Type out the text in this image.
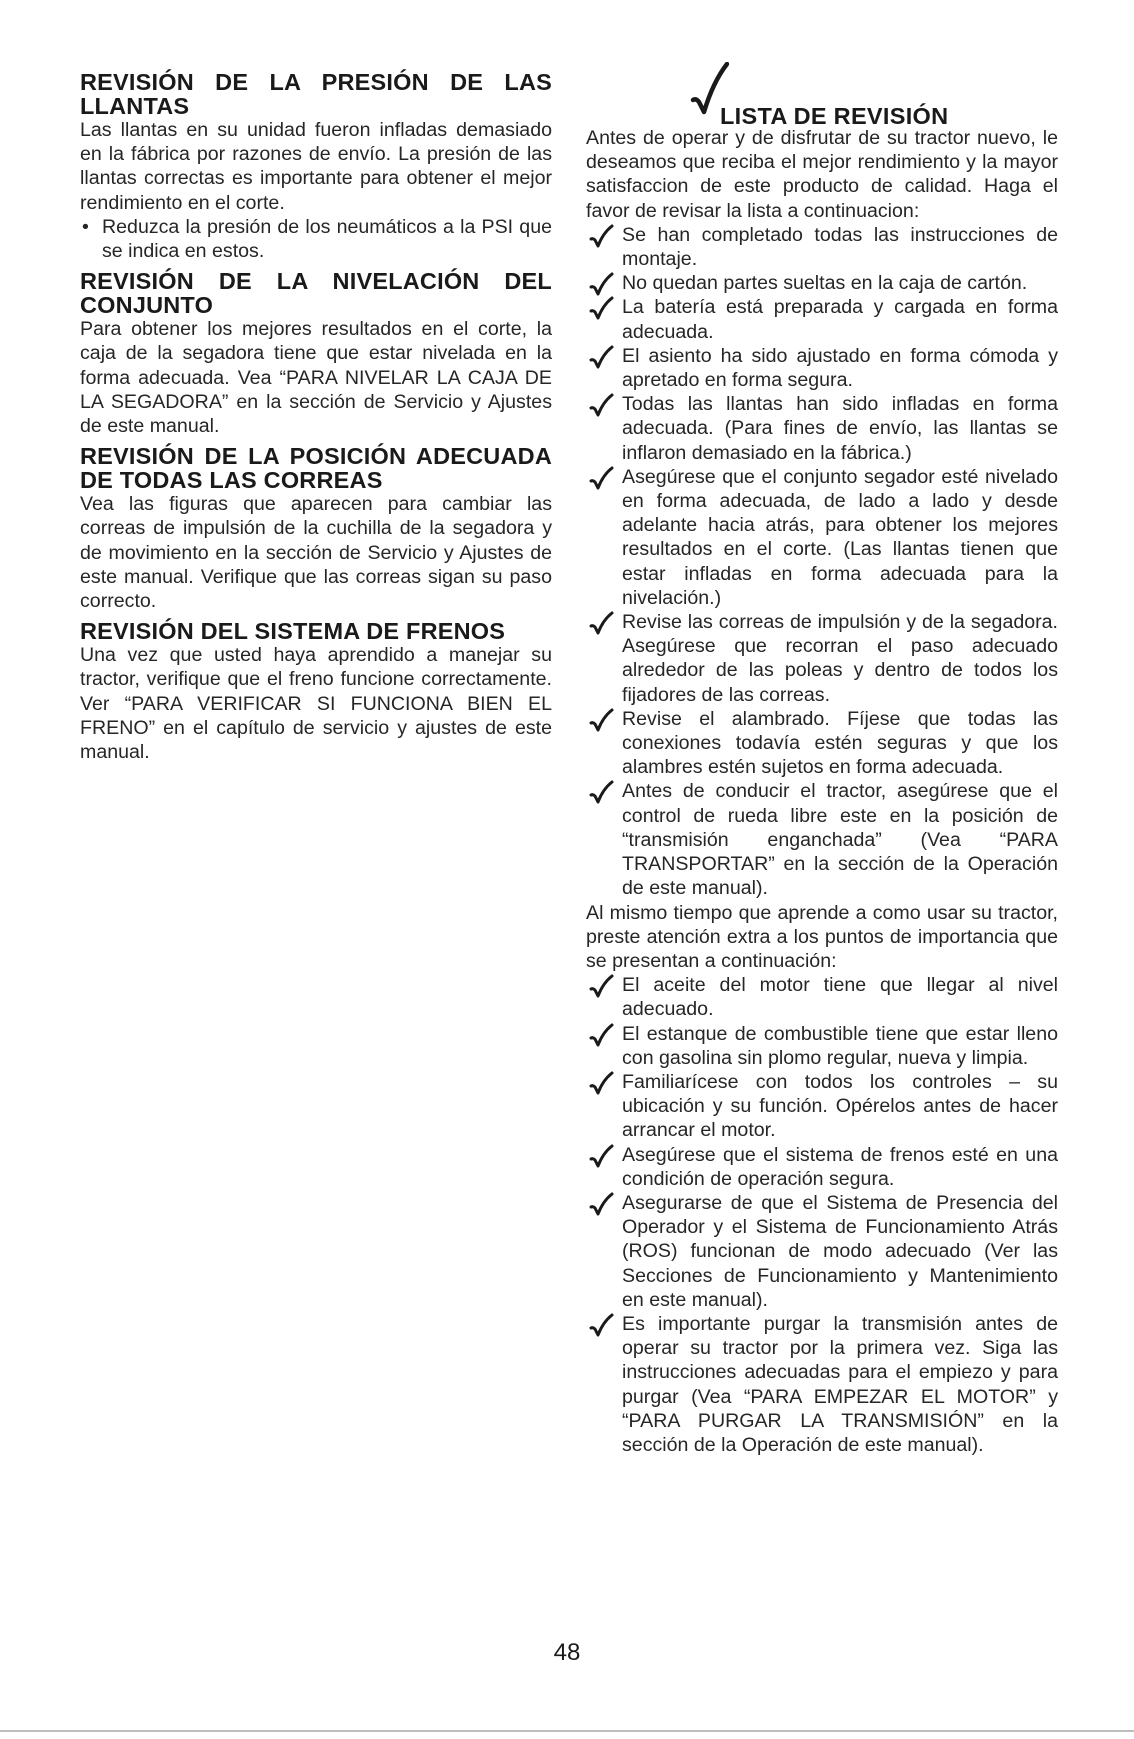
REVISIÓN DE LA PRESIÓN DE LAS LLANTAS

Las llantas en su unidad fueron infladas demasiado en la fábrica por razones de envío. La presión de las llantas correctas es importante para obtener el mejor rendimiento en el corte.

• Reduzca la presión de los neumáticos a la PSI que se indica en estos.

REVISIÓN DE LA NIVELACIÓN DEL CONJUNTO

Para obtener los mejores resultados en el corte, la caja de la segadora tiene que estar nivelada en la forma adecuada. Vea “PARA NIVELAR LA CAJA DE LA SEGADORA” en la sección de Servicio y Ajustes de este manual.

REVISIÓN DE LA POSICIÓN ADECUADA DE TODAS LAS CORREAS

Vea las figuras que aparecen para cambiar las correas de impulsión de la cuchilla de la segadora y de movimiento en la sección de Servicio y Ajustes de este manual. Verifique que las correas sigan su paso correcto.

REVISIÓN DEL SISTEMA DE FRENOS

Una vez que usted haya aprendido a manejar su tractor, verifique que el freno funcione correctamente. Ver “PARA VERIFICAR SI FUNCIONA BIEN EL FRENO” en el capítulo de servicio y ajustes de este manual.

LISTA DE REVISIÓN

Antes de operar y de disfrutar de su tractor nuevo, le deseamos que reciba el mejor rendimiento y la mayor satisfaccion de este producto de calidad. Haga el favor de revisar la lista a continuacion:

Se han completado todas las instrucciones de montaje.

No quedan partes sueltas en la caja de cartón.

La batería está preparada y cargada en forma adecuada.

El asiento ha sido ajustado en forma cómoda y apretado en forma segura.

Todas las llantas han sido infladas en forma adecuada. (Para fines de envío, las llantas se inflaron demasiado en la fábrica.)

Asegúrese que el conjunto segador esté nivelado en forma adecuada, de lado a lado y desde adelante hacia atrás, para obtener los mejores resultados en el corte. (Las llantas tienen que estar infladas en forma adecuada para la nivelación.)

Revise las correas de impulsión y de la segadora. Asegúrese que recorran el paso adecuado alrededor de las poleas y dentro de todos los fijadores de las correas.

Revise el alambrado. Fíjese que todas las conexiones todavía estén seguras y que los alambres estén sujetos en forma adecuada.

Antes de conducir el tractor, asegúrese que el control de rueda libre este en la posición de “transmisión enganchada” (Vea “PARA TRANSPORTAR” en la sección de la Operación de este manual).

Al mismo tiempo que aprende a como usar su tractor, preste atención extra a los puntos de importancia que se presentan a continuación:

El aceite del motor tiene que llegar al nivel adecuado.

El estanque de combustible tiene que estar lleno con gasolina sin plomo regular, nueva y limpia.

Familiarícese con todos los controles – su ubicación y su función. Opérelos antes de hacer arrancar el motor.

Asegúrese que el sistema de frenos esté en una condición de operación segura.

Asegurarse de que el Sistema de Presencia del Operador y el Sistema de Funcionamiento Atrás (ROS) funcionan de modo adecuado (Ver las Secciones de Funcionamiento y Mantenimiento en este manual).

Es importante purgar la transmisión antes de operar su tractor por la primera vez. Siga las instrucciones adecuadas para el empiezo y para purgar (Vea “PARA EMPEZAR EL MOTOR” y “PARA PURGAR LA TRANSMISIÓN” en la sección de la Operación de este manual).

48
